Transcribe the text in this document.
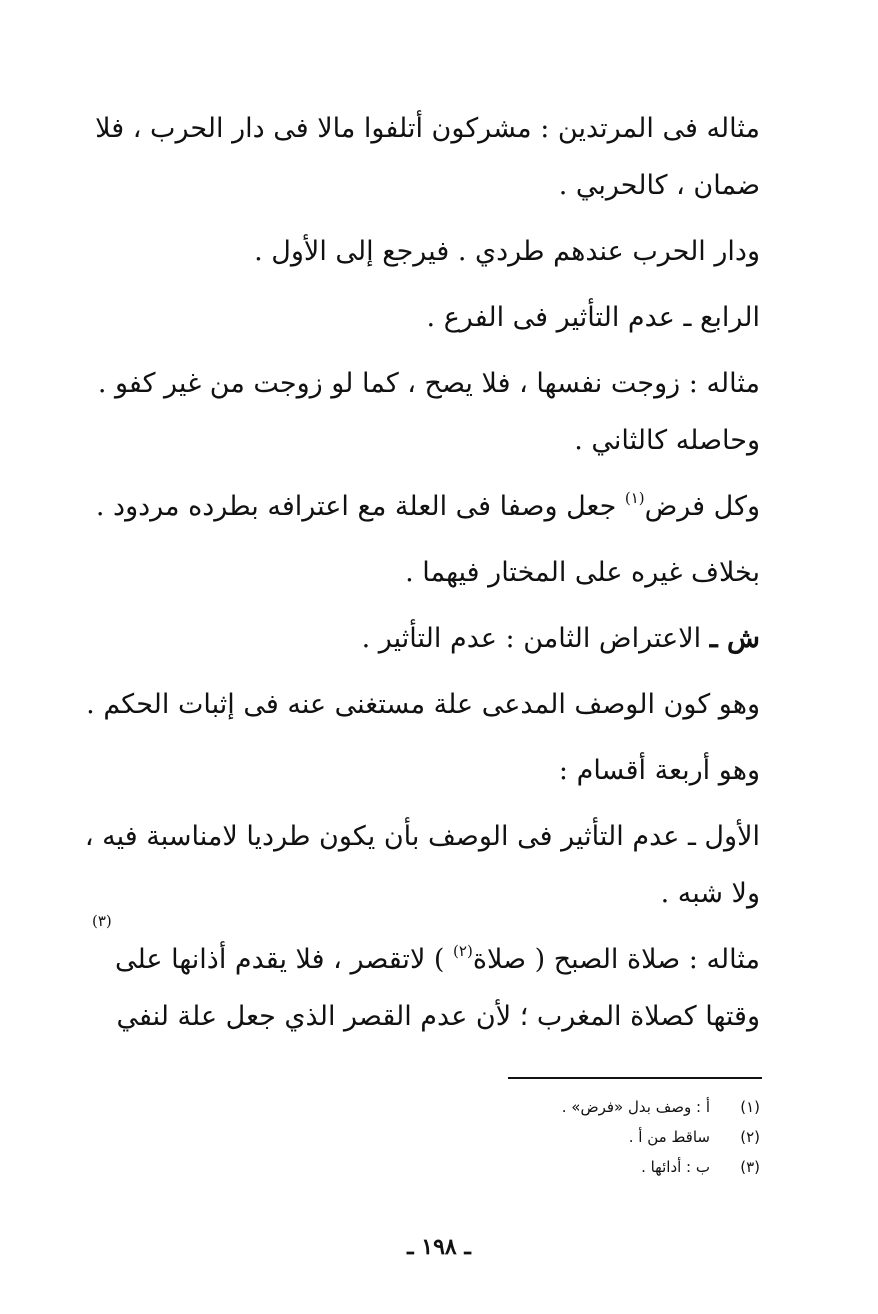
مثاله فى المرتدين : مشركون أتلفوا مالا فى دار الحرب ، فلا ضمان ، كالحربي .

ودار الحرب عندهم طردي . فيرجع إلى الأول .

الرابع ـ عدم التأثير فى الفرع .

مثاله : زوجت نفسها ، فلا يصح ، كما لو زوجت من غير كفو . وحاصله كالثاني .

وكل فرض$^{(١)}$ جعل وصفا فى العلة مع اعترافه بطرده مردود .

بخلاف غيره على المختار فيهما .

ش ـ الاعتراض الثامن : عدم التأثير .

وهو كون الوصف المدعى علة مستغنى عنه فى إثبات الحكم .

وهو أربعة أقسام :

الأول ـ عدم التأثير فى الوصف بأن يكون طرديا لامناسبة فيه ، ولا شبه .

مثاله : صلاة الصبح ( صلاة$^{(٢)}$ ) لاتقصر ، فلا يقدم أذانها على وقتها كصلاة المغرب ؛ لأن عدم القصر الذي جعل علة لنفي

(٣)
(١)
أ : وصف بدل «فرض» .
(٢)
ساقط من أ .
(٣)
ب : أدائها .
ـ ١٩٨ ـ
